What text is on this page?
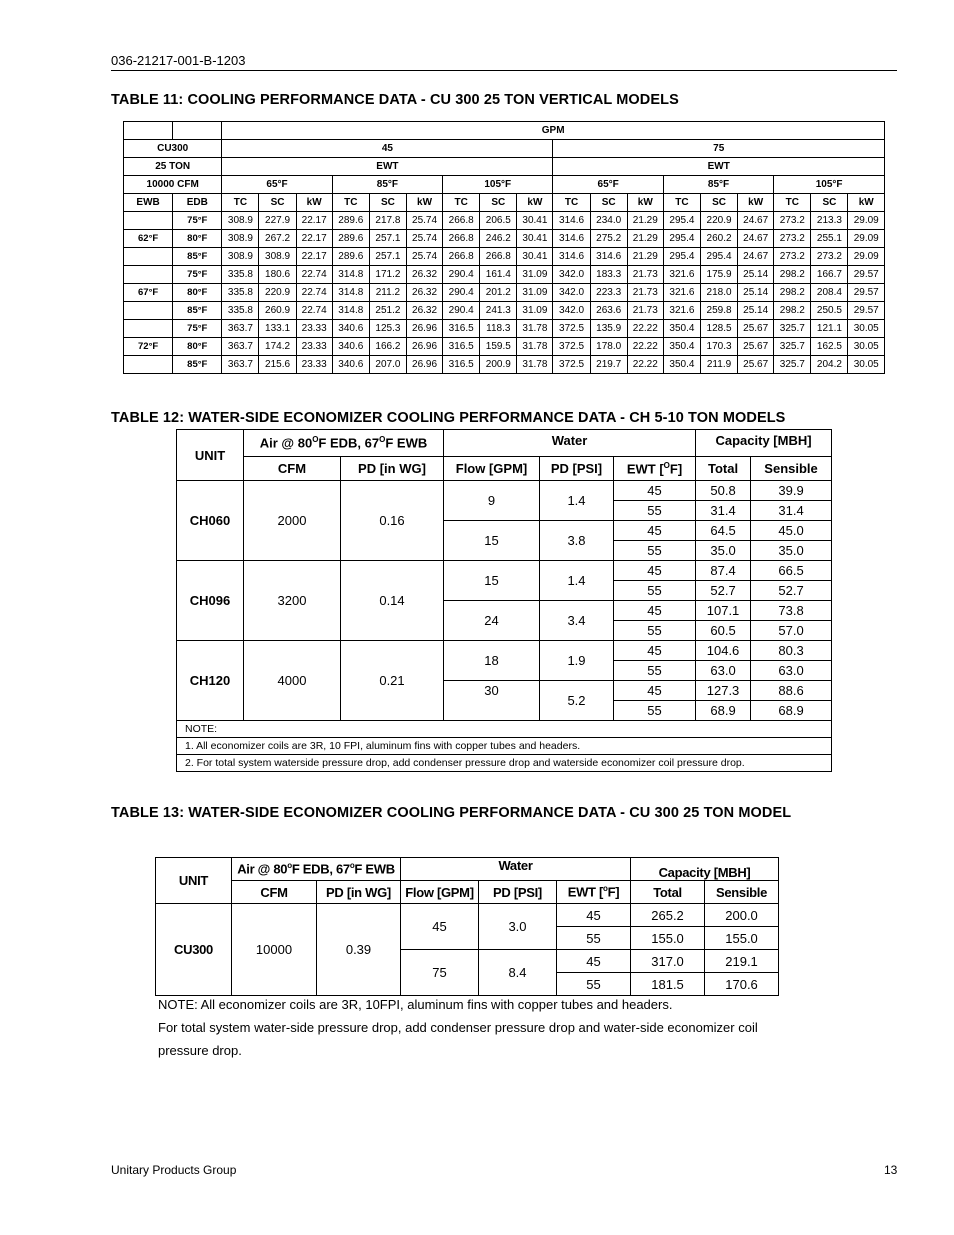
036-21217-001-B-1203
TABLE 11: COOLING PERFORMANCE DATA - CU 300 25 TON VERTICAL MODELS
		GPM																	
CU300		45									75								
25 TON		EWT									EWT								
10000 CFM		65°F			85°F			105°F			65°F			85°F			105°F		
EWB	EDB	TC	SC	kW	TC	SC	kW	TC	SC	kW	TC	SC	kW	TC	SC	kW	TC	SC	kW
	75°F	308.9	227.9	22.17	289.6	217.8	25.74	266.8	206.5	30.41	314.6	234.0	21.29	295.4	220.9	24.67	273.2	213.3	29.09
62°F	80°F	308.9	267.2	22.17	289.6	257.1	25.74	266.8	246.2	30.41	314.6	275.2	21.29	295.4	260.2	24.67	273.2	255.1	29.09
	85°F	308.9	308.9	22.17	289.6	257.1	25.74	266.8	266.8	30.41	314.6	314.6	21.29	295.4	295.4	24.67	273.2	273.2	29.09
	75°F	335.8	180.6	22.74	314.8	171.2	26.32	290.4	161.4	31.09	342.0	183.3	21.73	321.6	175.9	25.14	298.2	166.7	29.57
67°F	80°F	335.8	220.9	22.74	314.8	211.2	26.32	290.4	201.2	31.09	342.0	223.3	21.73	321.6	218.0	25.14	298.2	208.4	29.57
	85°F	335.8	260.9	22.74	314.8	251.2	26.32	290.4	241.3	31.09	342.0	263.6	21.73	321.6	259.8	25.14	298.2	250.5	29.57
	75°F	363.7	133.1	23.33	340.6	125.3	26.96	316.5	118.3	31.78	372.5	135.9	22.22	350.4	128.5	25.67	325.7	121.1	30.05
72°F	80°F	363.7	174.2	23.33	340.6	166.2	26.96	316.5	159.5	31.78	372.5	178.0	22.22	350.4	170.3	25.67	325.7	162.5	30.05
	85°F	363.7	215.6	23.33	340.6	207.0	26.96	316.5	200.9	31.78	372.5	219.7	22.22	350.4	211.9	25.67	325.7	204.2	30.05
TABLE 12: WATER-SIDE ECONOMIZER COOLING PERFORMANCE DATA - CH 5-10 TON MODELS
UNIT	Air @ $80^OF$ EDB, $67^OF$ EWB		Water			Capacity [MBH]	
	CFM	PD [in WG]	Flow [GPM]	PD [PSI]	EWT [$^O$F]	Total	Sensible
CH060	2000	0.16	9	1.4	45	50.8	39.9
					55	31.4	31.4
			15	3.8	45	64.5	45.0
					55	35.0	35.0
CH096	3200	0.14	15	1.4	45	87.4	66.5
					55	52.7	52.7
			24	3.4	45	107.1	73.8
					55	60.5	57.0
CH120	4000	0.21	18	1.9	45	104.6	80.3
					55	63.0	63.0
			30	5.2	45	127.3	88.6
					55	68.9	68.9
NOTE:							
1. All economizer coils are 3R, 10 FPI, aluminum fins with copper tubes and headers.							
2. For total system waterside pressure drop, add condenser pressure drop and waterside economizer coil pressure drop.							
TABLE 13: WATER-SIDE ECONOMIZER COOLING PERFORMANCE DATA - CU 300 25 TON MODEL
UNIT	Air @ 80$^o$F EDB, 67$^o$F EWB		Water			Capacity [MBH]	
	CFM	PD [in WG]	Flow [GPM]	PD [PSI]	EWT [$^o$F]	Total	Sensible
CU300	10000	0.39	45	3.0	45	265.2	200.0
					55	155.0	155.0
			75	8.4	45	317.0	219.1
					55	181.5	170.6
NOTE: All economizer coils are 3R, 10FPI, aluminum fins with copper tubes and headers.
For total system water-side pressure drop, add condenser pressure drop and water-side economizer coil
pressure drop.
Unitary Products Group	13
